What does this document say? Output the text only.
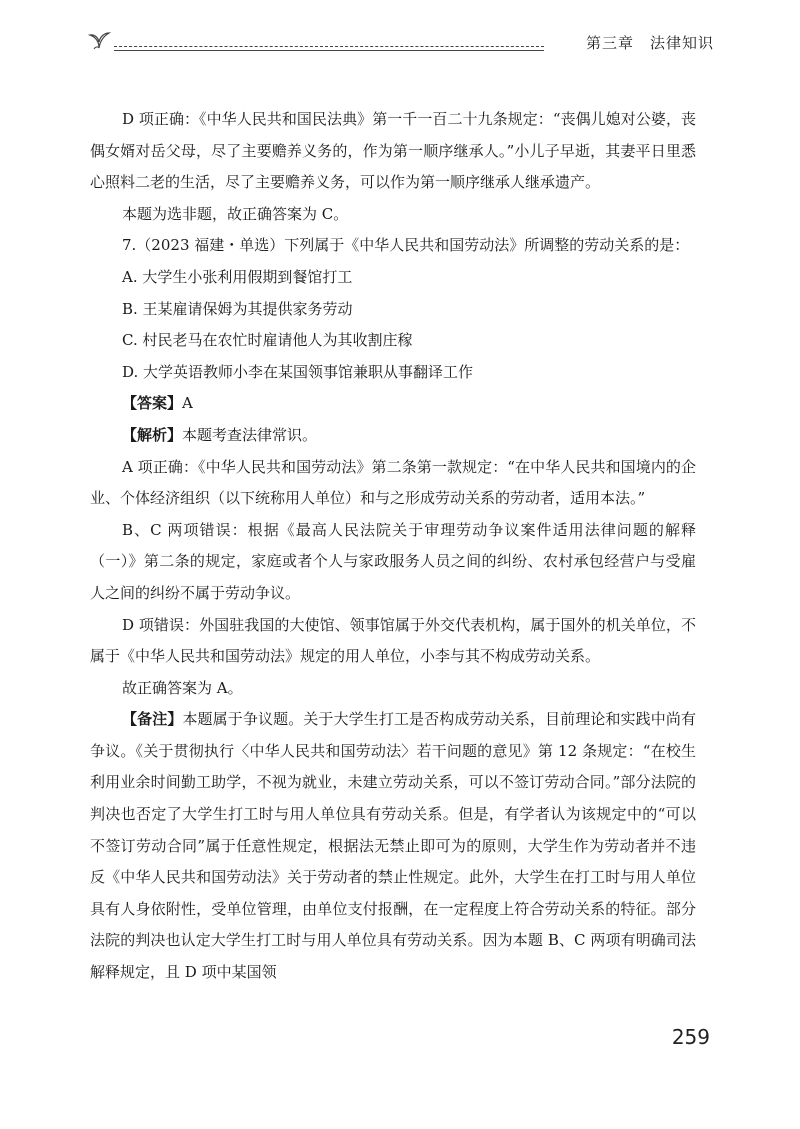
第三章　法律知识

D 项正确：《中华人民共和国民法典》第一千一百二十九条规定：“丧偶儿媳对公婆，丧偶女婿对岳父母，尽了主要赡养义务的，作为第一顺序继承人。”小儿子早逝，其妻平日里悉心照料二老的生活，尽了主要赡养义务，可以作为第一顺序继承人继承遗产。

本题为选非题，故正确答案为 C。

7.（2023 福建・单选）下列属于《中华人民共和国劳动法》所调整的劳动关系的是：

A. 大学生小张利用假期到餐馆打工

B. 王某雇请保姆为其提供家务劳动

C. 村民老马在农忙时雇请他人为其收割庄稼

D. 大学英语教师小李在某国领事馆兼职从事翻译工作

【答案】A

【解析】本题考查法律常识。

A 项正确：《中华人民共和国劳动法》第二条第一款规定：“在中华人民共和国境内的企业、个体经济组织（以下统称用人单位）和与之形成劳动关系的劳动者，适用本法。”

B、C 两项错误：根据《最高人民法院关于审理劳动争议案件适用法律问题的解释（一）》第二条的规定，家庭或者个人与家政服务人员之间的纠纷、农村承包经营户与受雇人之间的纠纷不属于劳动争议。

D 项错误：外国驻我国的大使馆、领事馆属于外交代表机构，属于国外的机关单位，不属于《中华人民共和国劳动法》规定的用人单位，小李与其不构成劳动关系。

故正确答案为 A。

【备注】本题属于争议题。关于大学生打工是否构成劳动关系，目前理论和实践中尚有争议。《关于贯彻执行〈中华人民共和国劳动法〉若干问题的意见》第 12 条规定：“在校生利用业余时间勤工助学，不视为就业，未建立劳动关系，可以不签订劳动合同。”部分法院的判决也否定了大学生打工时与用人单位具有劳动关系。但是，有学者认为该规定中的“可以不签订劳动合同”属于任意性规定，根据法无禁止即可为的原则，大学生作为劳动者并不违反《中华人民共和国劳动法》关于劳动者的禁止性规定。此外，大学生在打工时与用人单位具有人身依附性，受单位管理，由单位支付报酬，在一定程度上符合劳动关系的特征。部分法院的判决也认定大学生打工时与用人单位具有劳动关系。因为本题 B、C 两项有明确司法解释规定，且 D 项中某国领

259
